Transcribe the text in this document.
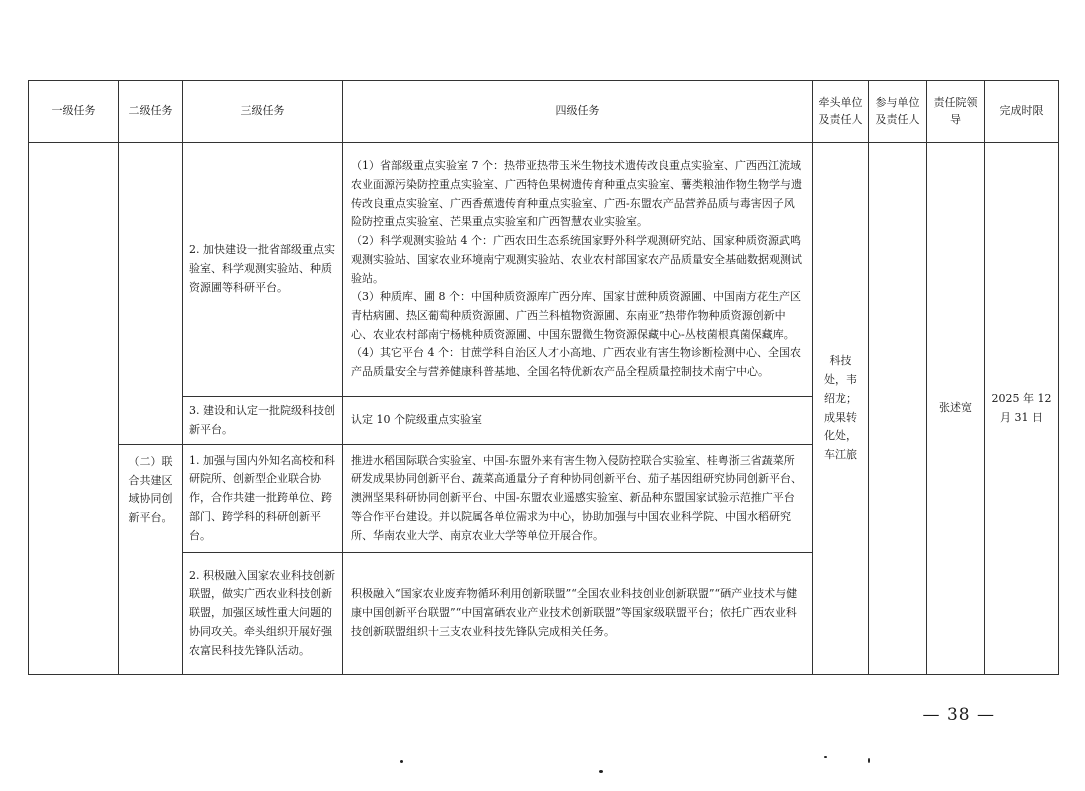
一级任务	二级任务	三级任务	四级任务	牵头单位及责任人	参与单位及责任人	责任院领导	完成时限
		2. 加快建设一批省部级重点实验室、科学观测实验站、种质资源圃等科研平台。	（1）省部级重点实验室 7 个：热带亚热带玉米生物技术遗传改良重点实验室、广西西江流域农业面源污染防控重点实验室、广西特色果树遗传育种重点实验室、薯类粮油作物生物学与遗传改良重点实验室、广西香蕉遗传育种重点实验室、广西-东盟农产品营养品质与毒害因子风险防控重点实验室、芒果重点实验室和广西智慧农业实验室。

（2）科学观测实验站 4 个：广西农田生态系统国家野外科学观测研究站、国家种质资源武鸣观测实验站、国家农业环境南宁观测实验站、农业农村部国家农产品质量安全基础数据观测试验站。

（3）种质库、圃 8 个：中国种质资源库广西分库、国家甘蔗种质资源圃、中国南方花生产区青枯病圃、热区葡萄种质资源圃、广西兰科植物资源圃、东南亚”热带作物种质资源创新中心、农业农村部南宁杨桃种质资源圃、中国东盟微生物资源保藏中心-丛枝菌根真菌保藏库。

（4）其它平台 4 个：甘蔗学科自治区人才小高地、广西农业有害生物诊断检测中心、全国农产品质量安全与营养健康科普基地、全国名特优新农产品全程质量控制技术南宁中心。	科技处，韦绍龙；成果转化处，车江旅		张述宽	2025 年 12 月 31 日
		3. 建设和认定一批院级科技创新平台。	认定 10 个院级重点实验室				

	（二）联合共建区域协同创新平台。	1. 加强与国内外知名高校和科研院所、创新型企业联合协作，合作共建一批跨单位、跨部门、跨学科的科研创新平台。	推进水稻国际联合实验室、中国-东盟外来有害生物入侵防控联合实验室、桂粤浙三省蔬菜所研发成果协同创新平台、蔬菜高通量分子育种协同创新平台、茄子基因组研究协同创新平台、澳洲坚果科研协同创新平台、中国-东盟农业遥感实验室、新品种东盟国家试验示范推广平台等合作平台建设。并以院属各单位需求为中心，协助加强与中国农业科学院、中国水稻研究所、华南农业大学、南京农业大学等单位开展合作。				

		2. 积极融入国家农业科技创新联盟，做实广西农业科技创新联盟，加强区域性重大问题的协同攻关。牵头组织开展好强农富民科技先锋队活动。	积极融入“国家农业废弃物循环利用创新联盟”“全国农业科技创业创新联盟”“硒产业技术与健康中国创新平台联盟”“中国富硒农业产业技术创新联盟”等国家级联盟平台；依托广西农业科技创新联盟组织十三支农业科技先锋队完成相关任务。				

— 38 —
